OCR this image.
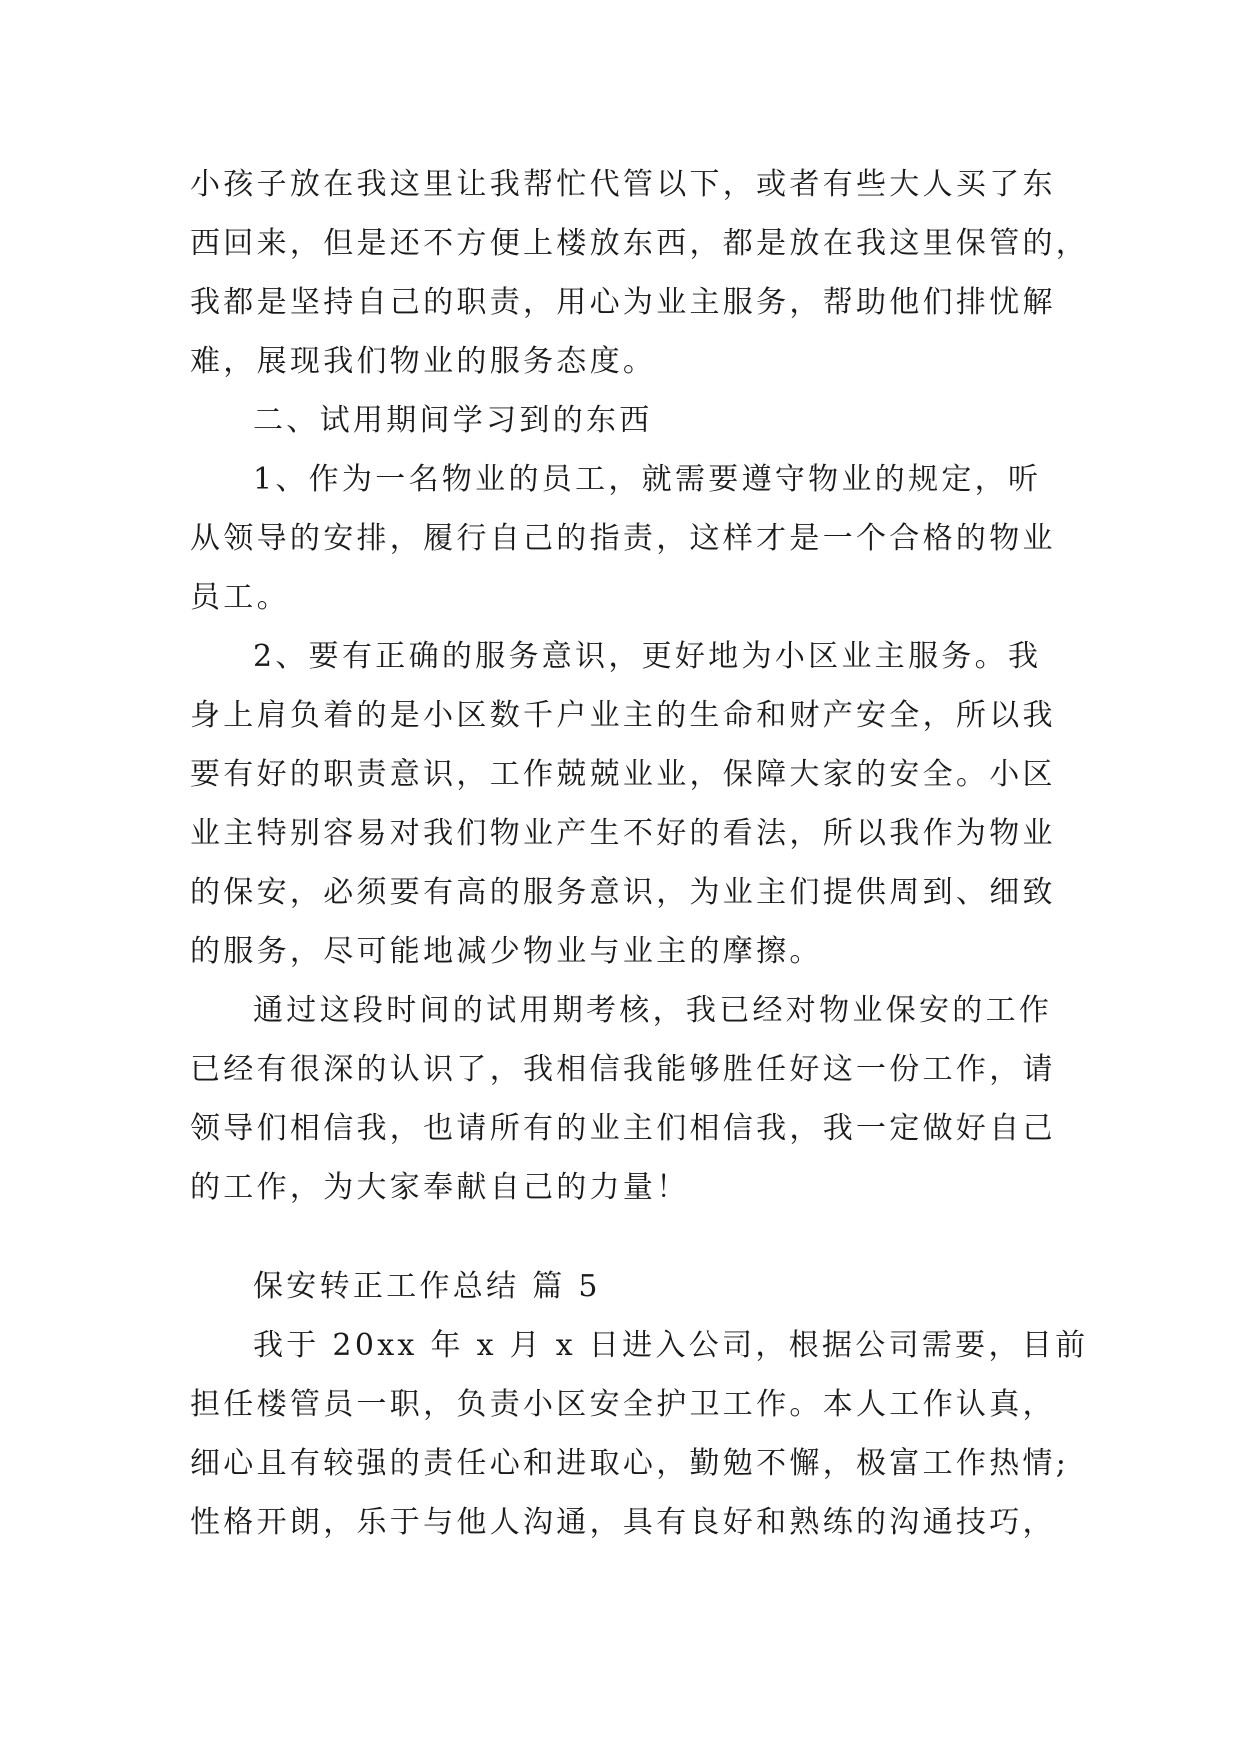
小孩子放在我这里让我帮忙代管以下，或者有些大人买了东
西回来，但是还不方便上楼放东西，都是放在我这里保管的，
我都是坚持自己的职责，用心为业主服务，帮助他们排忧解
难，展现我们物业的服务态度。
二、试用期间学习到的东西
1、作为一名物业的员工，就需要遵守物业的规定，听
从领导的安排，履行自己的指责，这样才是一个合格的物业
员工。
2、要有正确的服务意识，更好地为小区业主服务。我
身上肩负着的是小区数千户业主的生命和财产安全，所以我
要有好的职责意识，工作兢兢业业，保障大家的安全。小区
业主特别容易对我们物业产生不好的看法，所以我作为物业
的保安，必须要有高的服务意识，为业主们提供周到、细致
的服务，尽可能地减少物业与业主的摩擦。
通过这段时间的试用期考核，我已经对物业保安的工作
已经有很深的认识了，我相信我能够胜任好这一份工作，请
领导们相信我，也请所有的业主们相信我，我一定做好自己
的工作，为大家奉献自己的力量！
保安转正工作总结 篇 5
我于 20xx 年 x 月 x 日进入公司，根据公司需要，目前
担任楼管员一职，负责小区安全护卫工作。本人工作认真，
细心且有较强的责任心和进取心，勤勉不懈，极富工作热情;
性格开朗，乐于与他人沟通，具有良好和熟练的沟通技巧，
